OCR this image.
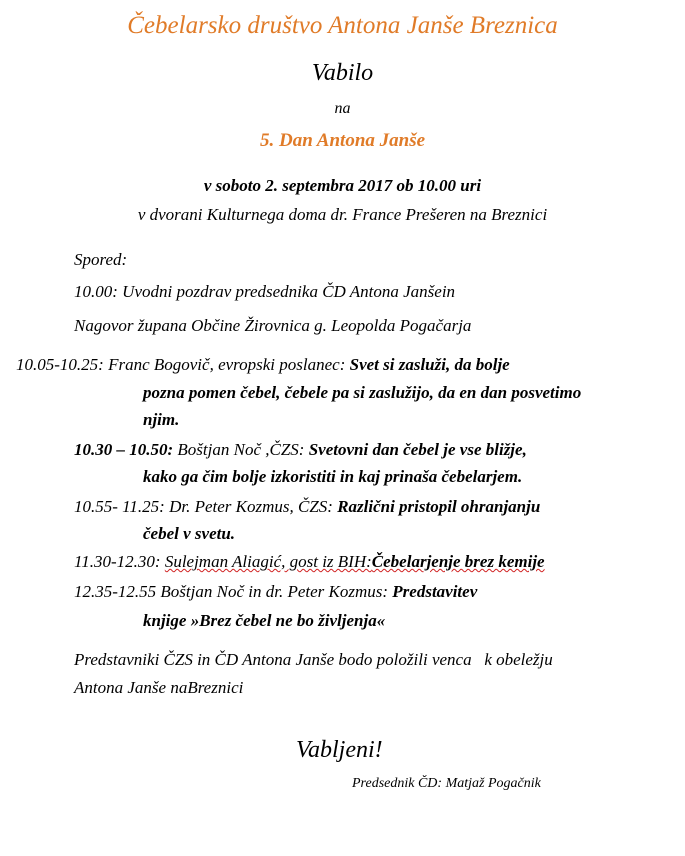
Čebelarsko društvo Antona Janše Breznica
Vabilo
na
5. Dan Antona Janše
v soboto 2. septembra 2017 ob 10.00 uri
v dvorani Kulturnega doma dr. France Prešeren na Breznici
Spored:
10.00: Uvodni pozdrav predsednika ČD Antona Janšein
Nagovor župana Občine Žirovnica g. Leopolda Pogačarja
10.05-10.25: Franc Bogovič, evropski poslanec: Svet si zasluži, da bolje
pozna pomen čebel, čebele pa si zaslužijo, da en dan posvetimo
njim.
10.30 – 10.50: Boštjan Noč ,ČZS: Svetovni dan čebel je vse bližje,
kako ga čim bolje izkoristiti in kaj prinaša čebelarjem.
10.55- 11.25: Dr. Peter Kozmus, ČZS: Različni pristopil ohranjanju
čebel v svetu.
11.30-12.30: Sulejman Aliagić, gost iz BIH:Čebelarjenje brez kemije
12.35-12.55 Boštjan Noč in dr. Peter Kozmus: Predstavitev
knjige »Brez čebel ne bo življenja«
Predstavniki ČZS in ČD Antona Janše bodo položili venca   k obeležju
Antona Janše naBreznici
Vabljeni!
Predsednik ČD: Matjaž Pogačnik
